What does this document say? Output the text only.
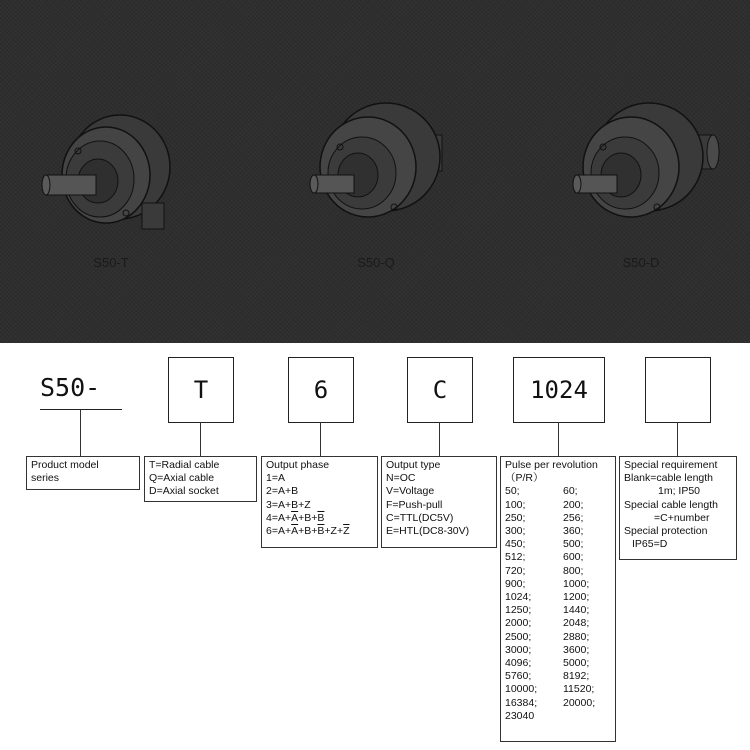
S50-T	S50-Q	S50-D
S50-	T	6	C	1024
Product model
series
T=Radial cable
Q=Axial cable
D=Axial socket
Output phase
1=A
2=A+B
3=A+B+Z
$4=A+\overline{A}+B+\overline{B}$
$6=A+\overline{A}+B+\overline{B}+Z+\overline{Z}$
Output type
N=OC
V=Voltage
F=Push-pull
C=TTL(DC5V)
E=HTL(DC8-30V)
Pulse per revolution
（P/R）
50;	60;
100;	200;
250;	256;
300;	360;
450;	500;
512;	600;
720;	800;
900;	1000;
1024;	1200;
1250;	1440;
2000;	2048;
2500;	2880;
3000;	3600;
4096;	5000;
5760;	8192;
10000;	11520;
16384;	20000;
23040
Special requirement
Blank=cable length
1m; IP50
Special cable length
=C+number
Special protection
IP65=D
